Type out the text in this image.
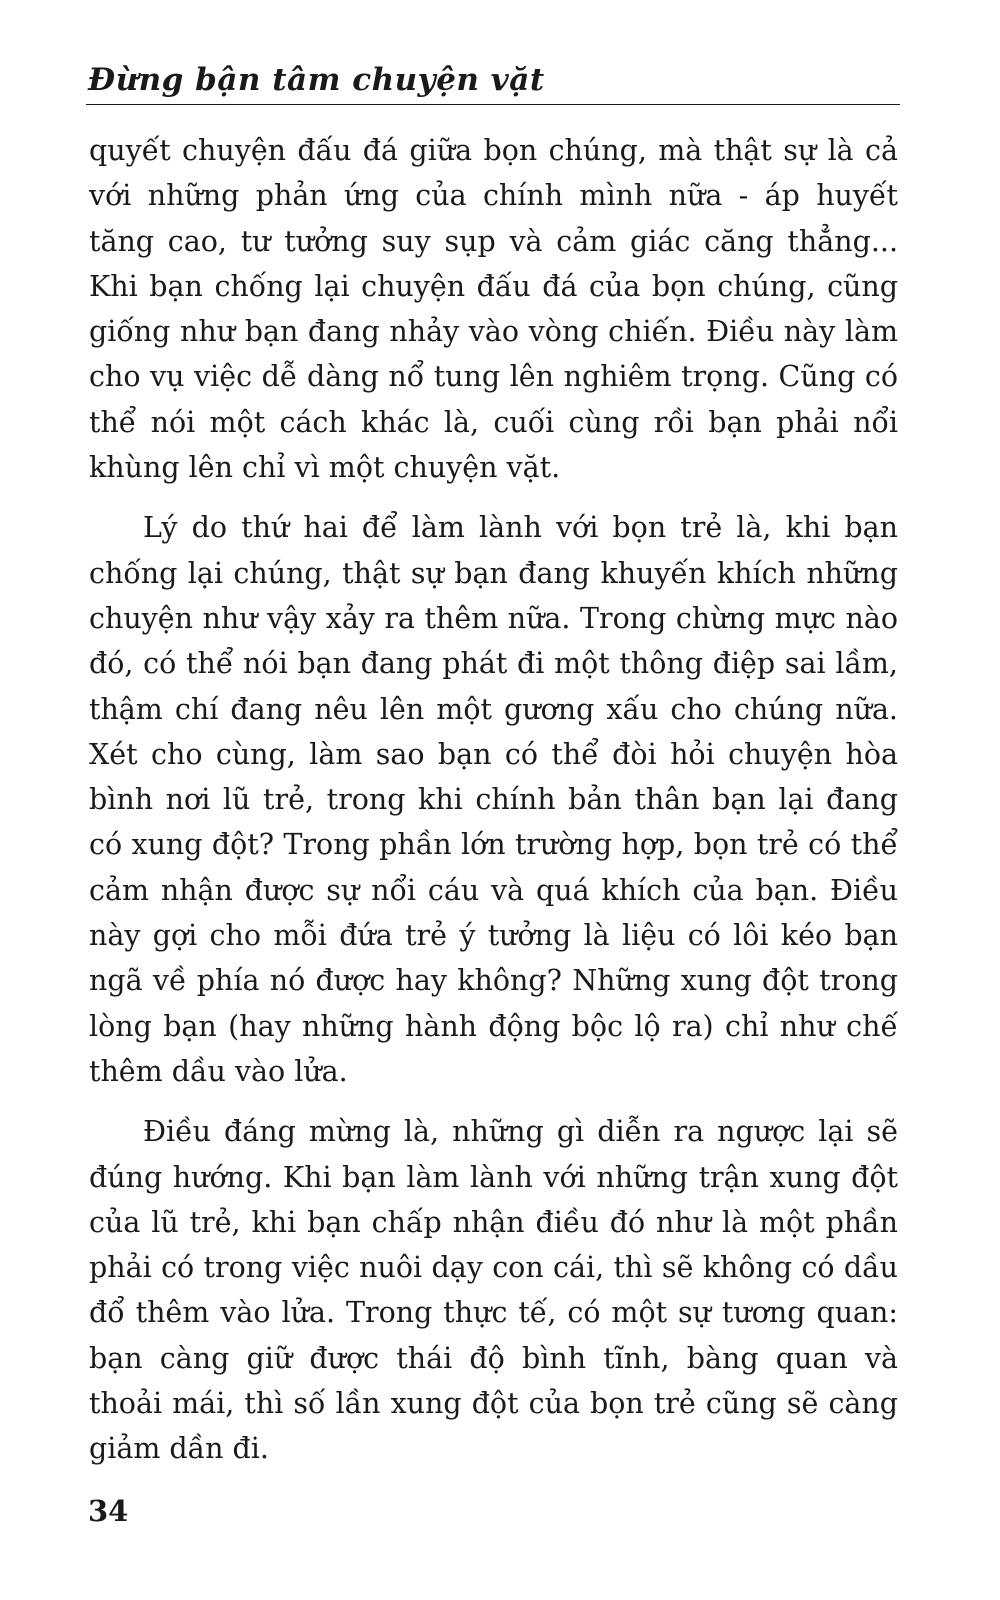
Đừng bận tâm chuyện vặt

quyết chuyện đấu đá giữa bọn chúng, mà thật sự là cả với những phản ứng của chính mình nữa - áp huyết tăng cao, tư tưởng suy sụp và cảm giác căng thẳng... Khi bạn chống lại chuyện đấu đá của bọn chúng, cũng giống như bạn đang nhảy vào vòng chiến. Điều này làm cho vụ việc dễ dàng nổ tung lên nghiêm trọng. Cũng có thể nói một cách khác là, cuối cùng rồi bạn phải nổi khùng lên chỉ vì một chuyện vặt.

Lý do thứ hai để làm lành với bọn trẻ là, khi bạn chống lại chúng, thật sự bạn đang khuyến khích những chuyện như vậy xảy ra thêm nữa. Trong chừng mực nào đó, có thể nói bạn đang phát đi một thông điệp sai lầm, thậm chí đang nêu lên một gương xấu cho chúng nữa. Xét cho cùng, làm sao bạn có thể đòi hỏi chuyện hòa bình nơi lũ trẻ, trong khi chính bản thân bạn lại đang có xung đột? Trong phần lớn trường hợp, bọn trẻ có thể cảm nhận được sự nổi cáu và quá khích của bạn. Điều này gợi cho mỗi đứa trẻ ý tưởng là liệu có lôi kéo bạn ngã về phía nó được hay không? Những xung đột trong lòng bạn (hay những hành động bộc lộ ra) chỉ như chế thêm dầu vào lửa.

Điều đáng mừng là, những gì diễn ra ngược lại sẽ đúng hướng. Khi bạn làm lành với những trận xung đột của lũ trẻ, khi bạn chấp nhận điều đó như là một phần phải có trong việc nuôi dạy con cái, thì sẽ không có dầu đổ thêm vào lửa. Trong thực tế, có một sự tương quan: bạn càng giữ được thái độ bình tĩnh, bàng quan và thoải mái, thì số lần xung đột của bọn trẻ cũng sẽ càng giảm dần đi.

34
